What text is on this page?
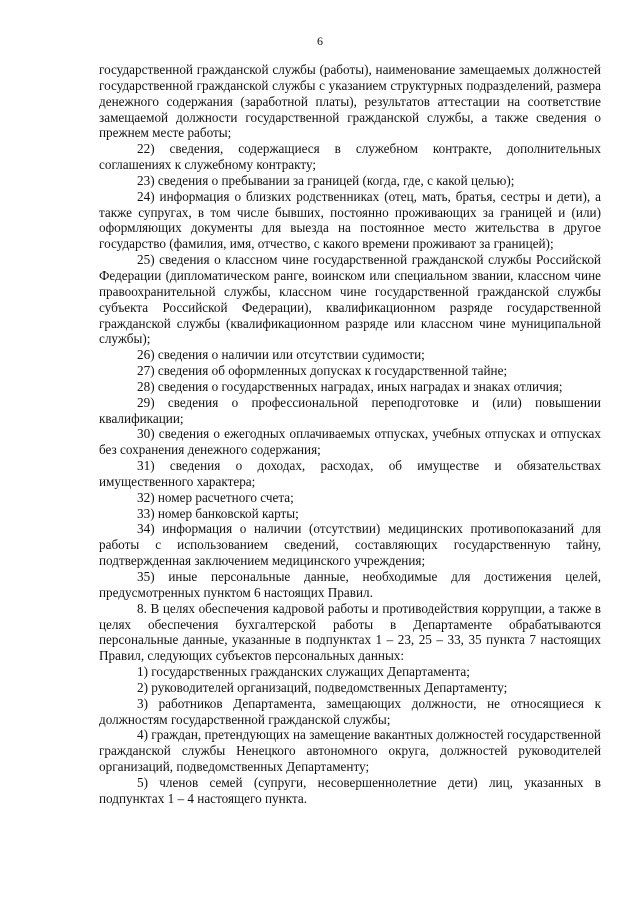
6

государственной гражданской службы (работы), наименование замещаемых должностей государственной гражданской службы с указанием структурных подразделений, размера денежного содержания (заработной платы), результатов аттестации на соответствие замещаемой должности государственной гражданской службы, а также сведения о прежнем месте работы;

22) сведения, содержащиеся в служебном контракте, дополнительных соглашениях к служебному контракту;

23) сведения о пребывании за границей (когда, где, с какой целью);

24) информация о близких родственниках (отец, мать, братья, сестры и дети), а также супругах, в том числе бывших, постоянно проживающих за границей и (или) оформляющих документы для выезда на постоянное место жительства в другое государство (фамилия, имя, отчество, с какого времени проживают за границей);

25) сведения о классном чине государственной гражданской службы Российской Федерации (дипломатическом ранге, воинском или специальном звании, классном чине правоохранительной службы, классном чине государственной гражданской службы субъекта Российской Федерации), квалификационном разряде государственной гражданской службы (квалификационном разряде или классном чине муниципальной службы);

26) сведения о наличии или отсутствии судимости;

27) сведения об оформленных допусках к государственной тайне;

28) сведения о государственных наградах, иных наградах и знаках отличия;

29) сведения о профессиональной переподготовке и (или) повышении квалификации;

30) сведения о ежегодных оплачиваемых отпусках, учебных отпусках и отпусках без сохранения денежного содержания;

31) сведения о доходах, расходах, об имуществе и обязательствах имущественного характера;

32) номер расчетного счета;

33) номер банковской карты;

34) информация о наличии (отсутствии) медицинских противопоказаний для работы с использованием сведений, составляющих государственную тайну, подтвержденная заключением медицинского учреждения;

35) иные персональные данные, необходимые для достижения целей, предусмотренных пунктом 6 настоящих Правил.

8. В целях обеспечения кадровой работы и противодействия коррупции, а также в целях обеспечения бухгалтерской работы в Департаменте обрабатываются персональные данные, указанные в подпунктах 1 – 23, 25 – 33, 35 пункта 7 настоящих Правил, следующих субъектов персональных данных:

1) государственных гражданских служащих Департамента;

2) руководителей организаций, подведомственных Департаменту;

3) работников Департамента, замещающих должности, не относящиеся к должностям государственной гражданской службы;

4) граждан, претендующих на замещение вакантных должностей государственной гражданской службы Ненецкого автономного округа, должностей руководителей организаций, подведомственных Департаменту;

5) членов семей (супруги, несовершеннолетние дети) лиц, указанных в подпунктах 1 – 4 настоящего пункта.
